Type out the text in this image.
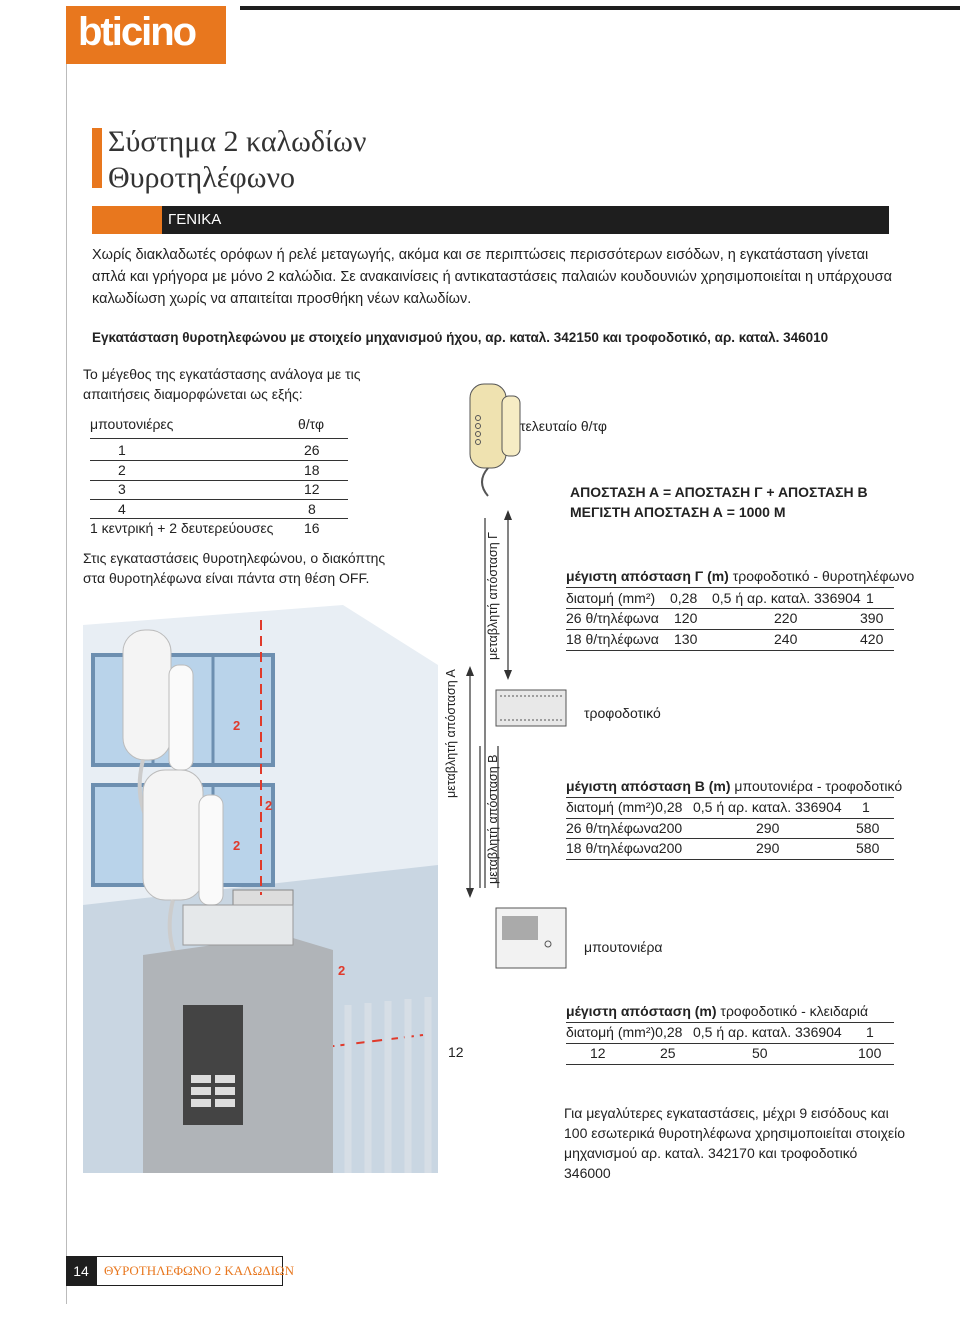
bticino
Σύστημα 2 καλωδίων
Θυροτηλέφωνο
ΓΕΝΙΚΑ
Χωρίς διακλαδωτές ορόφων ή ρελέ μεταγωγής, ακόμα και σε περιπτώσεις περισσότερων εισόδων, η εγκατάσταση γίνεται
απλά και γρήγορα με μόνο 2 καλώδια. Σε ανακαινίσεις ή αντικαταστάσεις παλαιών κουδουνιών χρησιμοποιείται η υπάρχουσα
καλωδίωση χωρίς να απαιτείται προσθήκη νέων καλωδίων.
Εγκατάσταση θυροτηλεφώνου με στοιχείο μηχανισμού ήχου, αρ. καταλ. 342150 και τροφοδοτικό, αρ. καταλ. 346010
Το μέγεθος της εγκατάστασης ανάλογα με τις
απαιτήσεις διαμορφώνεται ως εξής:
μπουτονιέρες	θ/τφ
1	26
2	18
3	12
4	8
1 κεντρική + 2 δευτερεύουσες 16
Στις εγκαταστάσεις θυροτηλεφώνου, ο διακόπτης
στα θυροτηλέφωνα είναι πάντα στη θέση OFF.
2
2
2
2
τελευταίο θ/τφ
ΑΠΟΣΤΑΣΗ Α = ΑΠΟΣΤΑΣΗ Γ + ΑΠΟΣΤΑΣΗ Β
ΜΕΓΙΣΤΗ ΑΠΟΣΤΑΣΗ Α = 1000 Μ
μεταβλητή απόσταση Γ
μεταβλητή απόσταση Α
μεταβλητή απόσταση Β
τροφοδοτικό
μπουτονιέρα
12
μέγιστη απόσταση Γ (m) τροφοδοτικό - θυροτηλέφωνο
διατομή (mm²) 0,28 0,5 ή αρ. καταλ. 336904 1
26 θ/τηλέφωνα 120	220	390
18 θ/τηλέφωνα 130	240	420
μέγιστη απόσταση Β (m) μπουτονιέρα - τροφοδοτικό
διατομή (mm²)0,28 0,5 ή αρ. καταλ. 336904 1
26 θ/τηλέφωνα200	290	580
18 θ/τηλέφωνα200	290	580
μέγιστη απόσταση (m) τροφοδοτικό - κλειδαριά
διατομή (mm²)0,28 0,5 ή αρ. καταλ. 336904 1
12	25	50	100
Για μεγαλύτερες εγκαταστάσεις, μέχρι 9 εισόδους και
100 εσωτερικά θυροτηλέφωνα χρησιμοποιείται στοιχείο
μηχανισμού αρ. καταλ. 342170 και τροφοδοτικό
346000
14	ΘΥΡΟΤΗΛΕΦΩΝΟ 2 ΚΑΛΩΔΙΩΝ
